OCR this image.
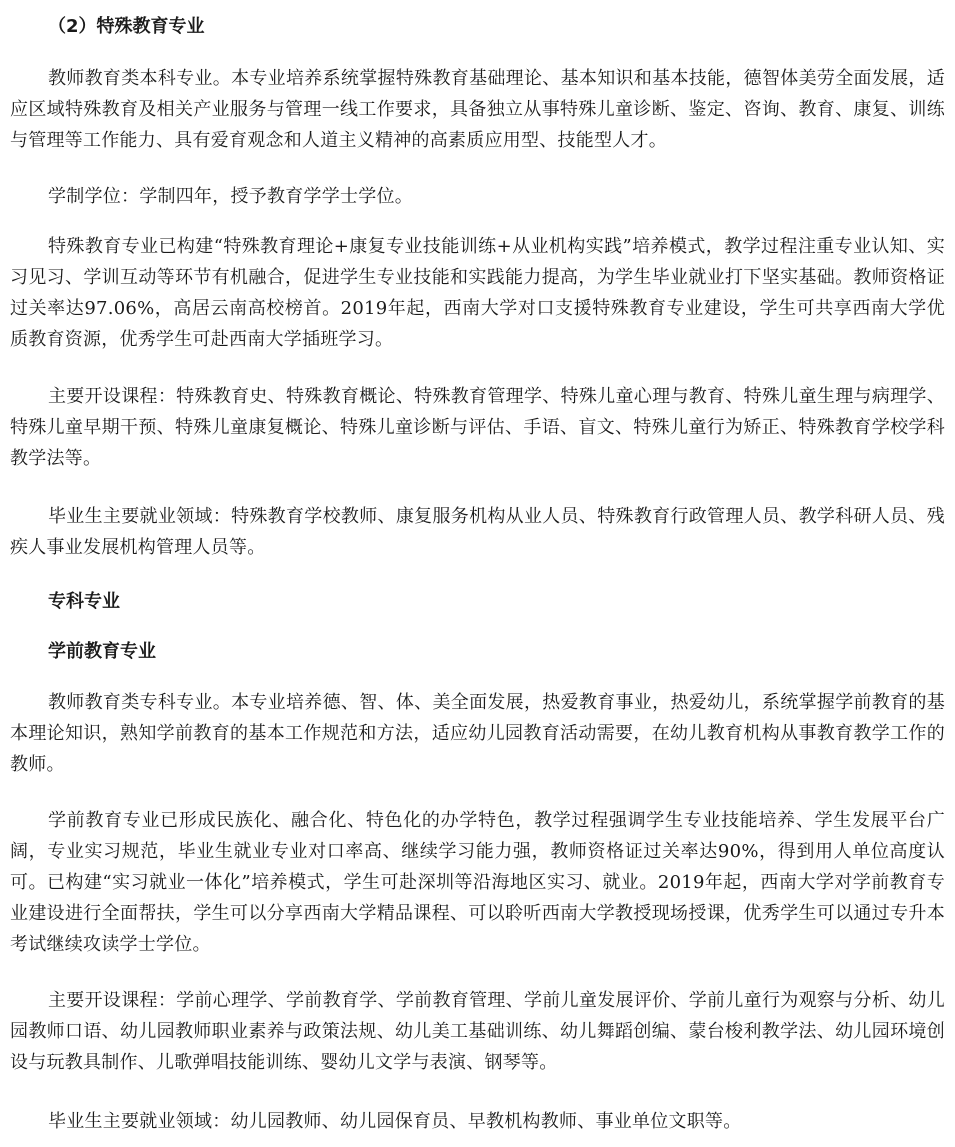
（2）特殊教育专业

教师教育类本科专业。本专业培养系统掌握特殊教育基础理论、基本知识和基本技能，德智体美劳全面发展，适应区域特殊教育及相关产业服务与管理一线工作要求，具备独立从事特殊儿童诊断、鉴定、咨询、教育、康复、训练与管理等工作能力、具有爱育观念和人道主义精神的高素质应用型、技能型人才。

学制学位：学制四年，授予教育学学士学位。

特殊教育专业已构建“特殊教育理论+康复专业技能训练+从业机构实践”培养模式，教学过程注重专业认知、实习见习、学训互动等环节有机融合，促进学生专业技能和实践能力提高，为学生毕业就业打下坚实基础。教师资格证过关率达97.06%，高居云南高校榜首。2019年起，西南大学对口支援特殊教育专业建设，学生可共享西南大学优质教育资源，优秀学生可赴西南大学插班学习。

主要开设课程：特殊教育史、特殊教育概论、特殊教育管理学、特殊儿童心理与教育、特殊儿童生理与病理学、特殊儿童早期干预、特殊儿童康复概论、特殊儿童诊断与评估、手语、盲文、特殊儿童行为矫正、特殊教育学校学科教学法等。

毕业生主要就业领域：特殊教育学校教师、康复服务机构从业人员、特殊教育行政管理人员、教学科研人员、残疾人事业发展机构管理人员等。

专科专业
学前教育专业

教师教育类专科专业。本专业培养德、智、体、美全面发展，热爱教育事业，热爱幼儿，系统掌握学前教育的基本理论知识，熟知学前教育的基本工作规范和方法，适应幼儿园教育活动需要，在幼儿教育机构从事教育教学工作的教师。

学前教育专业已形成民族化、融合化、特色化的办学特色，教学过程强调学生专业技能培养、学生发展平台广阔，专业实习规范，毕业生就业专业对口率高、继续学习能力强，教师资格证过关率达90%，得到用人单位高度认可。已构建“实习就业一体化”培养模式，学生可赴深圳等沿海地区实习、就业。2019年起，西南大学对学前教育专业建设进行全面帮扶，学生可以分享西南大学精品课程、可以聆听西南大学教授现场授课，优秀学生可以通过专升本考试继续攻读学士学位。

主要开设课程：学前心理学、学前教育学、学前教育管理、学前儿童发展评价、学前儿童行为观察与分析、幼儿园教师口语、幼儿园教师职业素养与政策法规、幼儿美工基础训练、幼儿舞蹈创编、蒙台梭利教学法、幼儿园环境创设与玩教具制作、儿歌弹唱技能训练、婴幼儿文学与表演、钢琴等。

毕业生主要就业领域：幼儿园教师、幼儿园保育员、早教机构教师、事业单位文职等。
